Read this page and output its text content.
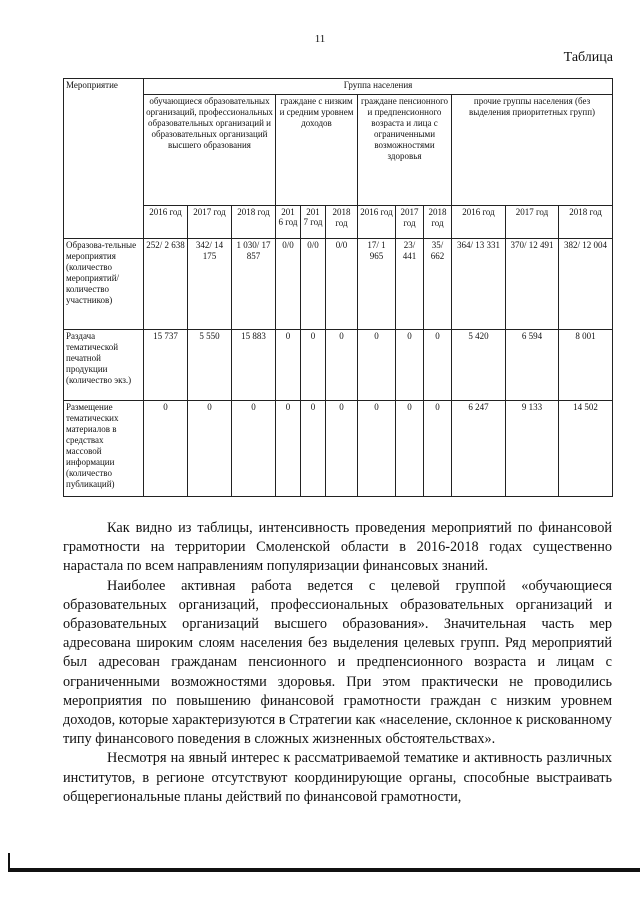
11
Таблица
Мероприятие	Группа населения											
	обучающиеся образовательных организаций, профессиональных образовательных организаций и образовательных организаций высшего образования			граждане с низким и средним уровнем доходов			граждане пенсионного и предпенсионного возраста и лица с ограниченными возможностями здоровья			прочие группы населения (без выделения приоритетных групп)		
	2016 год	2017 год	2018 год	201 6 год	201 7 год	2018 год	2016 год	2017 год	2018 год	2016 год	2017 год	2018 год
Образова-тельные мероприятия (количество мероприятий/ количество участников)	252/ 2 638	342/ 14 175	1 030/ 17 857	0/0	0/0	0/0	17/ 1 965	23/ 441	35/ 662	364/ 13 331	370/ 12 491	382/ 12 004
Раздача тематической печатной продукции (количество экз.)	15 737	5 550	15 883	0	0	0	0	0	0	5 420	6 594	8 001
Размещение тематических материалов в средствах массовой информации (количество публикаций)	0	0	0	0	0	0	0	0	0	6 247	9 133	14 502

Как видно из таблицы, интенсивность проведения мероприятий по финансовой грамотности на территории Смоленской области в 2016-2018 годах существенно нарастала по всем направлениям популяризации финансовых знаний.

Наиболее активная работа ведется с целевой группой «обучающиеся образовательных организаций, профессиональных образовательных организаций и образовательных организаций высшего образования». Значительная часть мер адресована широким слоям населения без выделения целевых групп. Ряд мероприятий был адресован гражданам пенсионного и предпенсионного возраста и лицам с ограниченными возможностями здоровья. При этом практически не проводились мероприятия по повышению финансовой грамотности граждан с низким уровнем доходов, которые характеризуются в Стратегии как «население, склонное к рискованному типу финансового поведения в сложных жизненных обстоятельствах».

Несмотря на явный интерес к рассматриваемой тематике и активность различных институтов, в регионе отсутствуют координирующие органы, способные выстраивать общерегиональные планы действий по финансовой грамотности,
